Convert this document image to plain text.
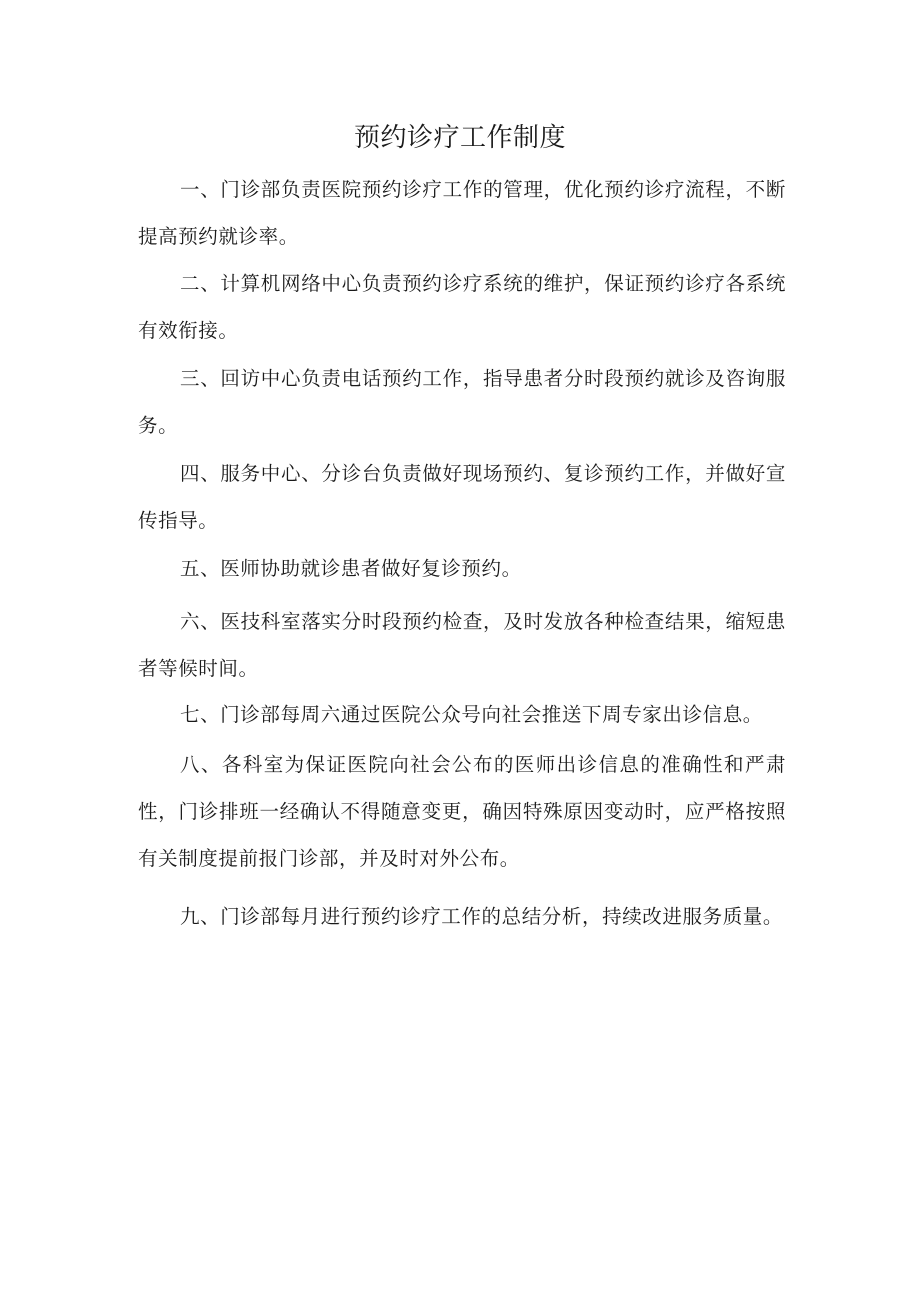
预约诊疗工作制度

一、门诊部负责医院预约诊疗工作的管理，优化预约诊疗流程，不断提高预约就诊率。

二、计算机网络中心负责预约诊疗系统的维护，保证预约诊疗各系统有效衔接。

三、回访中心负责电话预约工作，指导患者分时段预约就诊及咨询服务。

四、服务中心、分诊台负责做好现场预约、复诊预约工作，并做好宣传指导。

五、医师协助就诊患者做好复诊预约。

六、医技科室落实分时段预约检查，及时发放各种检查结果，缩短患者等候时间。

七、门诊部每周六通过医院公众号向社会推送下周专家出诊信息。

八、各科室为保证医院向社会公布的医师出诊信息的准确性和严肃性，门诊排班一经确认不得随意变更，确因特殊原因变动时，应严格按照有关制度提前报门诊部，并及时对外公布。

九、门诊部每月进行预约诊疗工作的总结分析，持续改进服务质量。
